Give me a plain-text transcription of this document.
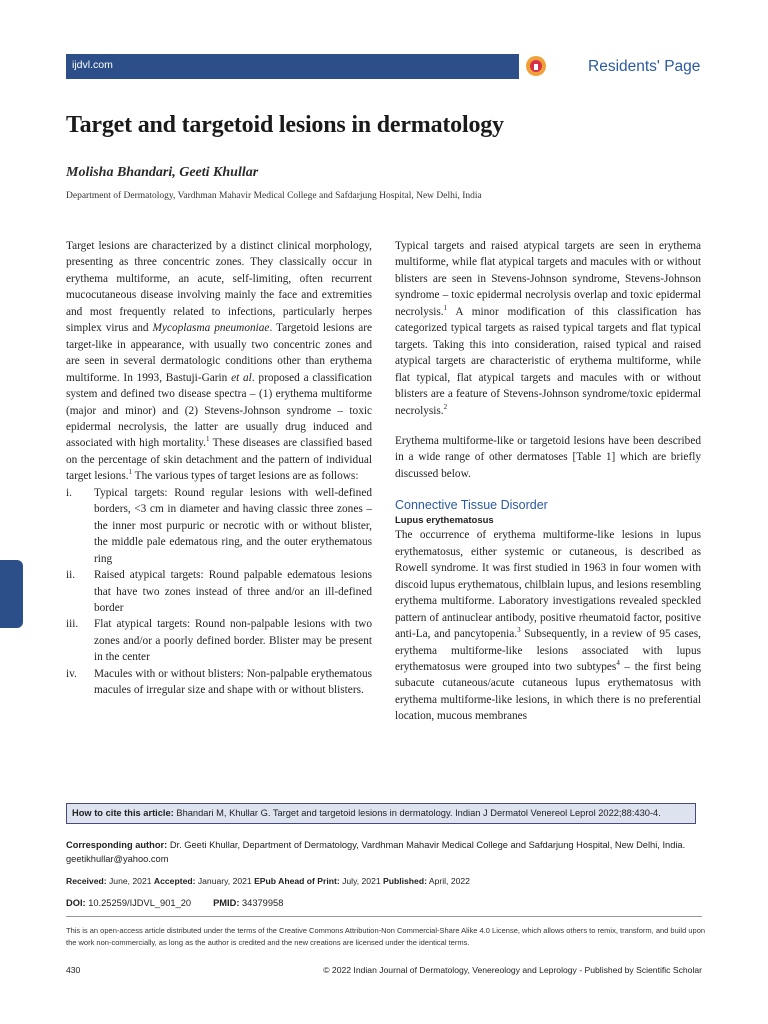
ijdvl.com	Residents' Page
Target and targetoid lesions in dermatology
Molisha Bhandari, Geeti Khullar
Department of Dermatology, Vardhman Mahavir Medical College and Safdarjung Hospital, New Delhi, India

Target lesions are characterized by a distinct clinical morphology, presenting as three concentric zones. They classically occur in erythema multiforme, an acute, self-limiting, often recurrent mucocutaneous disease involving mainly the face and extremities and most frequently related to infections, particularly herpes simplex virus and Mycoplasma pneumoniae. Targetoid lesions are target-like in appearance, with usually two concentric zones and are seen in several dermatologic conditions other than erythema multiforme. In 1993, Bastuji-Garin et al. proposed a classification system and defined two disease spectra – (1) erythema multiforme (major and minor) and (2) Stevens-Johnson syndrome – toxic epidermal necrolysis, the latter are usually drug induced and associated with high mortality.$^1$ These diseases are classified based on the percentage of skin detachment and the pattern of individual target lesions.$^1$ The various types of target lesions are as follows:

i. Typical targets: Round regular lesions with well-defined borders, <3 cm in diameter and having classic three zones – the inner most purpuric or necrotic with or without blister, the middle pale edematous ring, and the outer erythematous ring
ii. Raised atypical targets: Round palpable edematous lesions that have two zones instead of three and/or an ill-defined border
iii. Flat atypical targets: Round non-palpable lesions with two zones and/or a poorly defined border. Blister may be present in the center
iv. Macules with or without blisters: Non-palpable erythematous macules of irregular size and shape with or without blisters.

Typical targets and raised atypical targets are seen in erythema multiforme, while flat atypical targets and macules with or without blisters are seen in Stevens-Johnson syndrome, Stevens-Johnson syndrome – toxic epidermal necrolysis overlap and toxic epidermal necrolysis.$^1$ A minor modification of this classification has categorized typical targets as raised typical targets and flat typical targets. Taking this into consideration, raised typical and raised atypical targets are characteristic of erythema multiforme, while flat typical, flat atypical targets and macules with or without blisters are a feature of Stevens-Johnson syndrome/toxic epidermal necrolysis.$^2$

Erythema multiforme-like or targetoid lesions have been described in a wide range of other dermatoses [Table 1] which are briefly discussed below.

Connective Tissue Disorder
Lupus erythematosus

The occurrence of erythema multiforme-like lesions in lupus erythematosus, either systemic or cutaneous, is described as Rowell syndrome. It was first studied in 1963 in four women with discoid lupus erythematous, chilblain lupus, and lesions resembling erythema multiforme. Laboratory investigations revealed speckled pattern of antinuclear antibody, positive rheumatoid factor, positive anti-La, and pancytopenia.$^3$ Subsequently, in a review of 95 cases, erythema multiforme-like lesions associated with lupus erythematosus were grouped into two subtypes$^4$ – the first being subacute cutaneous/acute cutaneous lupus erythematosus with erythema multiforme-like lesions, in which there is no preferential location, mucous membranes

How to cite this article: Bhandari M, Khullar G. Target and targetoid lesions in dermatology. Indian J Dermatol Venereol Leprol 2022;88:430-4.
Corresponding author: Dr. Geeti Khullar, Department of Dermatology, Vardhman Mahavir Medical College and Safdarjung Hospital, New Delhi, India. geetikhullar@yahoo.com
Received: June, 2021 Accepted: January, 2021 EPub Ahead of Print: July, 2021 Published: April, 2022
DOI: 10.25259/IJDVL_901_20 PMID: 34379958
This is an open-access article distributed under the terms of the Creative Commons Attribution-Non Commercial-Share Alike 4.0 License, which allows others to remix, transform, and build upon the work non-commercially, as long as the author is credited and the new creations are licensed under the identical terms.
430	© 2022 Indian Journal of Dermatology, Venereology and Leprology - Published by Scientific Scholar
